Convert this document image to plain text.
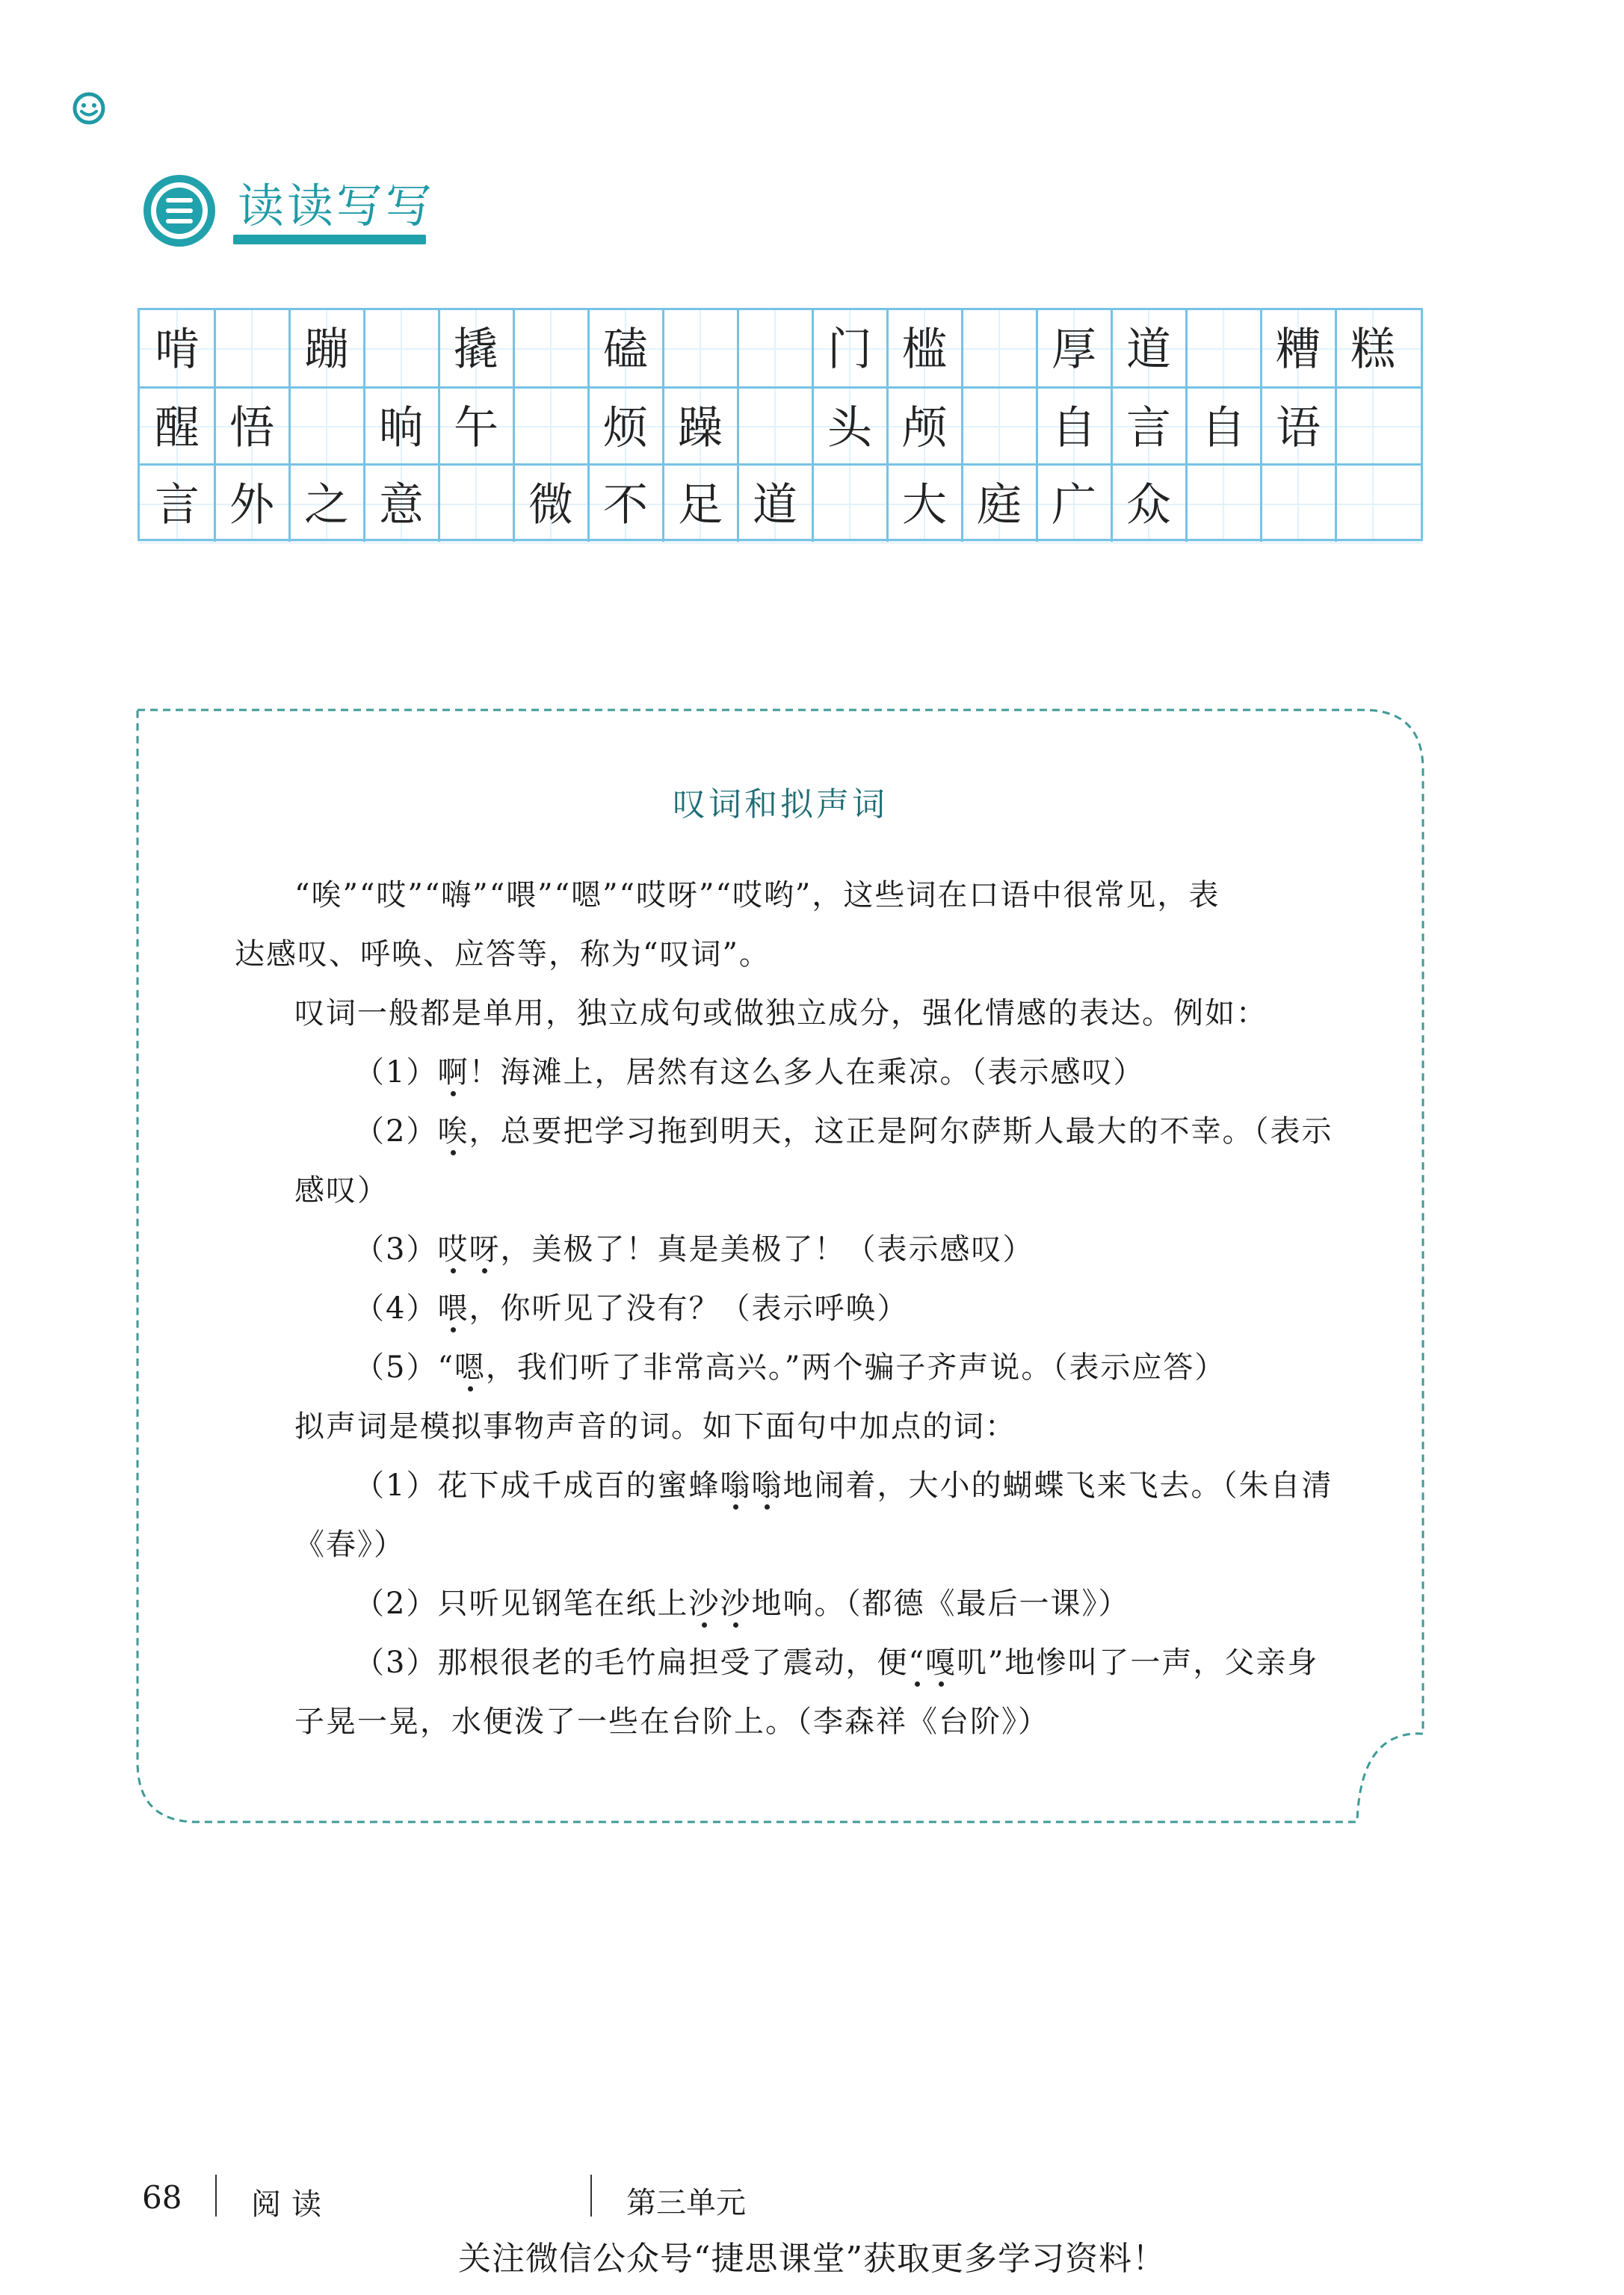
读读写写
啃	蹦	撬	磕	门 槛	厚 道	糟 糕
醒 悟	晌 午	烦 躁	头 颅	自 言 自 语
言 外 之 意	微 不 足 道	大 庭 广 众
叹词和拟声词
“唉”“哎”“嗨”“喂”“嗯”“哎呀”“哎哟”，这些词在口语中很常见，表
达感叹、呼唤、应答等，称为“叹词”。
叹词一般都是单用，独立成句或做独立成分，强化情感的表达。例如：
（1）啊！海滩上，居然有这么多人在乘凉。（表示感叹）
（2）唉，总要把学习拖到明天，这正是阿尔萨斯人最大的不幸。（表示
感叹）
（3）哎呀，美极了！真是美极了！（表示感叹）
（4）喂，你听见了没有？（表示呼唤）
（5）“嗯，我们听了非常高兴。”两个骗子齐声说。（表示应答）
拟声词是模拟事物声音的词。如下面句中加点的词：
（1）花下成千成百的蜜蜂嗡嗡地闹着，大小的蝴蝶飞来飞去。（朱自清
《春》）
（2）只听见钢笔在纸上沙沙地响。（都德《最后一课》）
（3）那根很老的毛竹扁担受了震动，便“嘎叽”地惨叫了一声，父亲身
子晃一晃，水便泼了一些在台阶上。（李森祥《台阶》）
68 阅读	第三单元
关注微信公众号“捷思课堂”获取更多学习资料！
